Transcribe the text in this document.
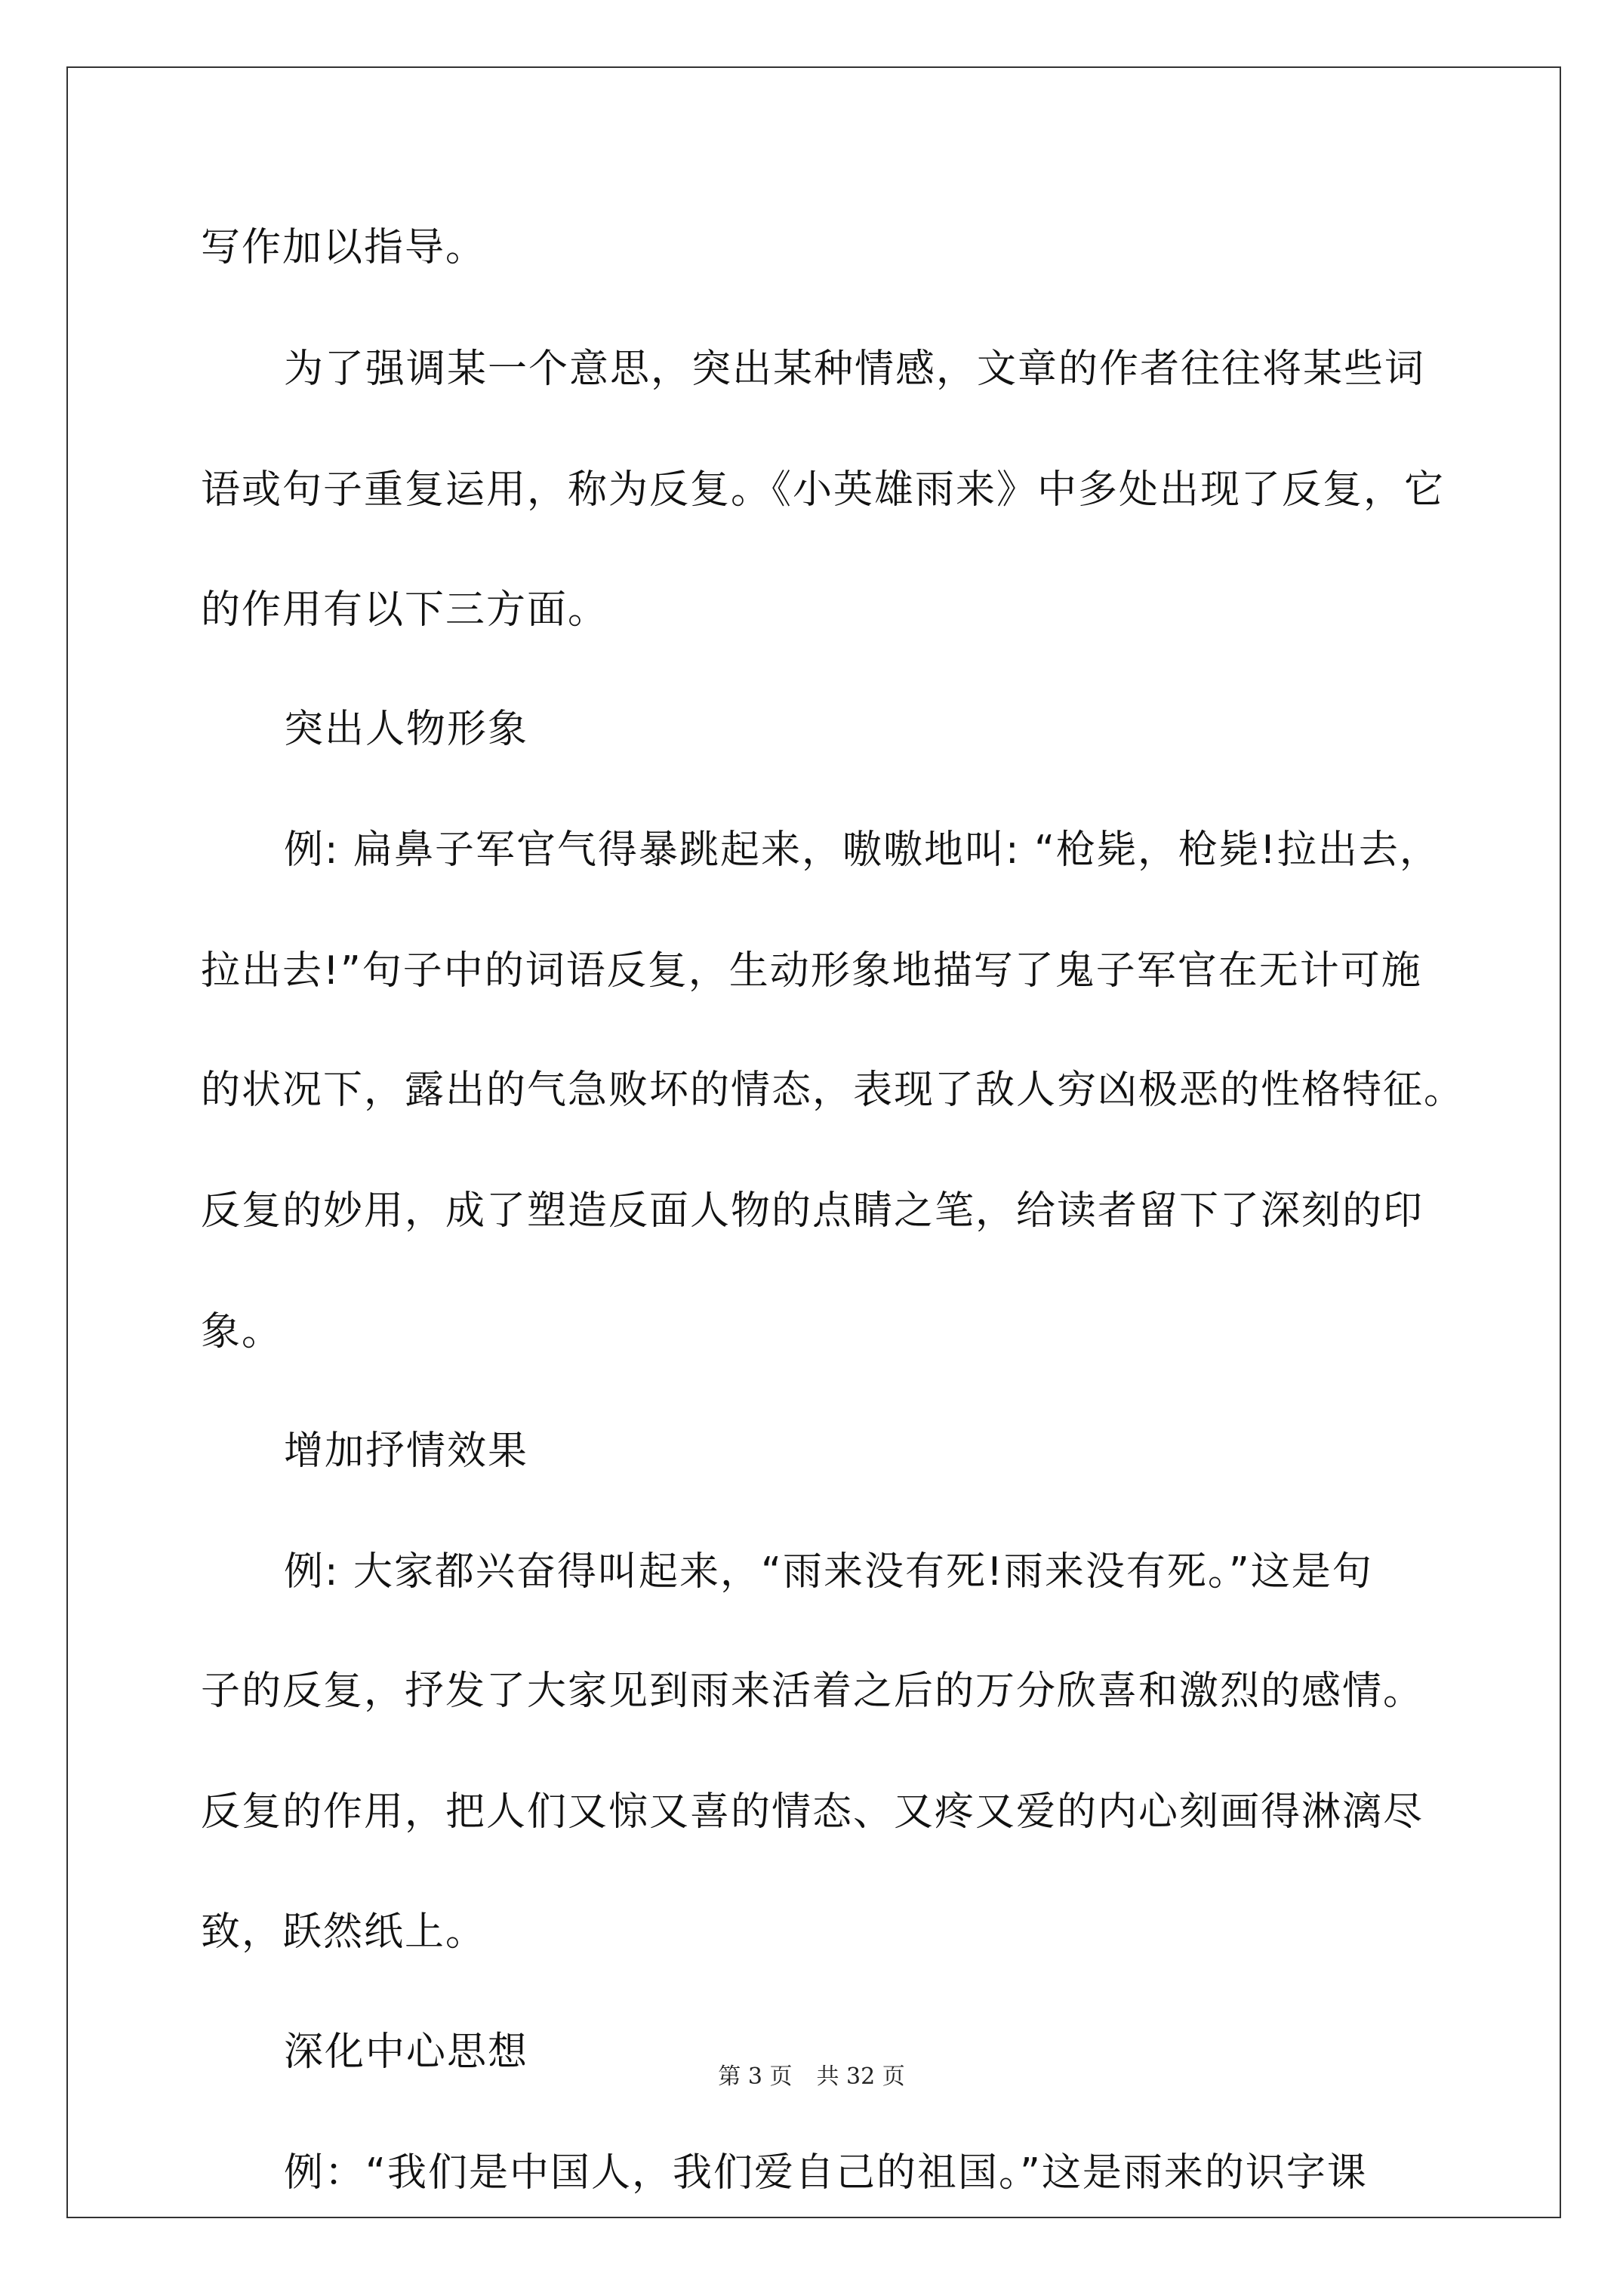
写作加以指导。
为了强调某一个意思，突出某种情感，文章的作者往往将某些词
语或句子重复运用，称为反复。《小英雄雨来》中多处出现了反复，它
的作用有以下三方面。
突出人物形象
例: 扁鼻子军官气得暴跳起来，嗷嗷地叫: “枪毙，枪毙!拉出去，
拉出去!”句子中的词语反复，生动形象地描写了鬼子军官在无计可施
的状况下，露出的气急败坏的情态，表现了敌人穷凶极恶的性格特征。
反复的妙用，成了塑造反面人物的点睛之笔，给读者留下了深刻的印
象。
增加抒情效果
例: 大家都兴奋得叫起来，“雨来没有死!雨来没有死。”这是句
子的反复，抒发了大家见到雨来活着之后的万分欣喜和激烈的感情。
反复的作用，把人们又惊又喜的情态、又疼又爱的内心刻画得淋漓尽
致，跃然纸上。
深化中心思想
例：“我们是中国人，我们爱自己的祖国。”这是雨来的识字课
第 3 页 共 32 页
